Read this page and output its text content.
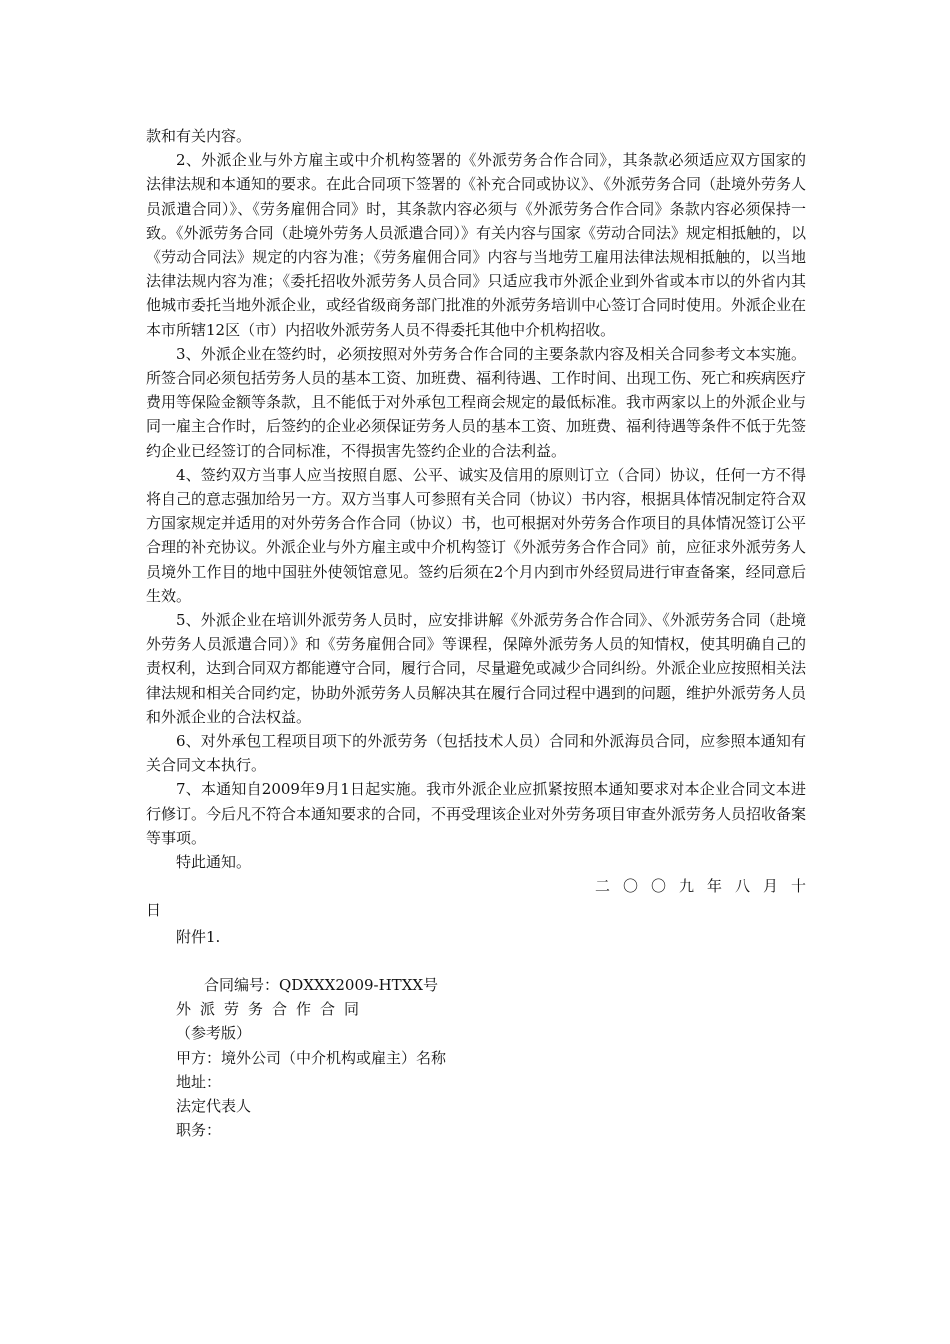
款和有关内容。

2、外派企业与外方雇主或中介机构签署的《外派劳务合作合同》，其条款必须适应双方国家的法律法规和本通知的要求。在此合同项下签署的《补充合同或协议》、《外派劳务合同（赴境外劳务人员派遣合同）》、《劳务雇佣合同》时，其条款内容必须与《外派劳务合作合同》条款内容必须保持一致。《外派劳务合同（赴境外劳务人员派遣合同）》有关内容与国家《劳动合同法》规定相抵触的，以《劳动合同法》规定的内容为准；《劳务雇佣合同》内容与当地劳工雇用法律法规相抵触的，以当地法律法规内容为准；《委托招收外派劳务人员合同》只适应我市外派企业到外省或本市以的外省内其他城市委托当地外派企业，或经省级商务部门批准的外派劳务培训中心签订合同时使用。外派企业在本市所辖12区（市）内招收外派劳务人员不得委托其他中介机构招收。

3、外派企业在签约时，必须按照对外劳务合作合同的主要条款内容及相关合同参考文本实施。所签合同必须包括劳务人员的基本工资、加班费、福利待遇、工作时间、出现工伤、死亡和疾病医疗费用等保险金额等条款，且不能低于对外承包工程商会规定的最低标准。我市两家以上的外派企业与同一雇主合作时，后签约的企业必须保证劳务人员的基本工资、加班费、福利待遇等条件不低于先签约企业已经签订的合同标准，不得损害先签约企业的合法利益。

4、签约双方当事人应当按照自愿、公平、诚实及信用的原则订立（合同）协议，任何一方不得将自己的意志强加给另一方。双方当事人可参照有关合同（协议）书内容，根据具体情况制定符合双方国家规定并适用的对外劳务合作合同（协议）书，也可根据对外劳务合作项目的具体情况签订公平合理的补充协议。外派企业与外方雇主或中介机构签订《外派劳务合作合同》前，应征求外派劳务人员境外工作目的地中国驻外使领馆意见。签约后须在2个月内到市外经贸局进行审查备案，经同意后生效。

5、外派企业在培训外派劳务人员时，应安排讲解《外派劳务合作合同》、《外派劳务合同（赴境外劳务人员派遣合同）》和《劳务雇佣合同》等课程，保障外派劳务人员的知情权，使其明确自己的责权利，达到合同双方都能遵守合同，履行合同，尽量避免或减少合同纠纷。外派企业应按照相关法律法规和相关合同约定，协助外派劳务人员解决其在履行合同过程中遇到的问题，维护外派劳务人员和外派企业的合法权益。

6、对外承包工程项目项下的外派劳务（包括技术人员）合同和外派海员合同，应参照本通知有关合同文本执行。

7、本通知自2009年9月1日起实施。我市外派企业应抓紧按照本通知要求对本企业合同文本进行修订。今后凡不符合本通知要求的合同，不再受理该企业对外劳务项目审查外派劳务人员招收备案等事项。

特此通知。

二〇〇九年八月十

日

附件1.

合同编号：QDXXX2009-HTXX号

外派劳务合作合同

（参考版）

甲方：境外公司（中介机构或雇主）名称

地址：

法定代表人

职务：
